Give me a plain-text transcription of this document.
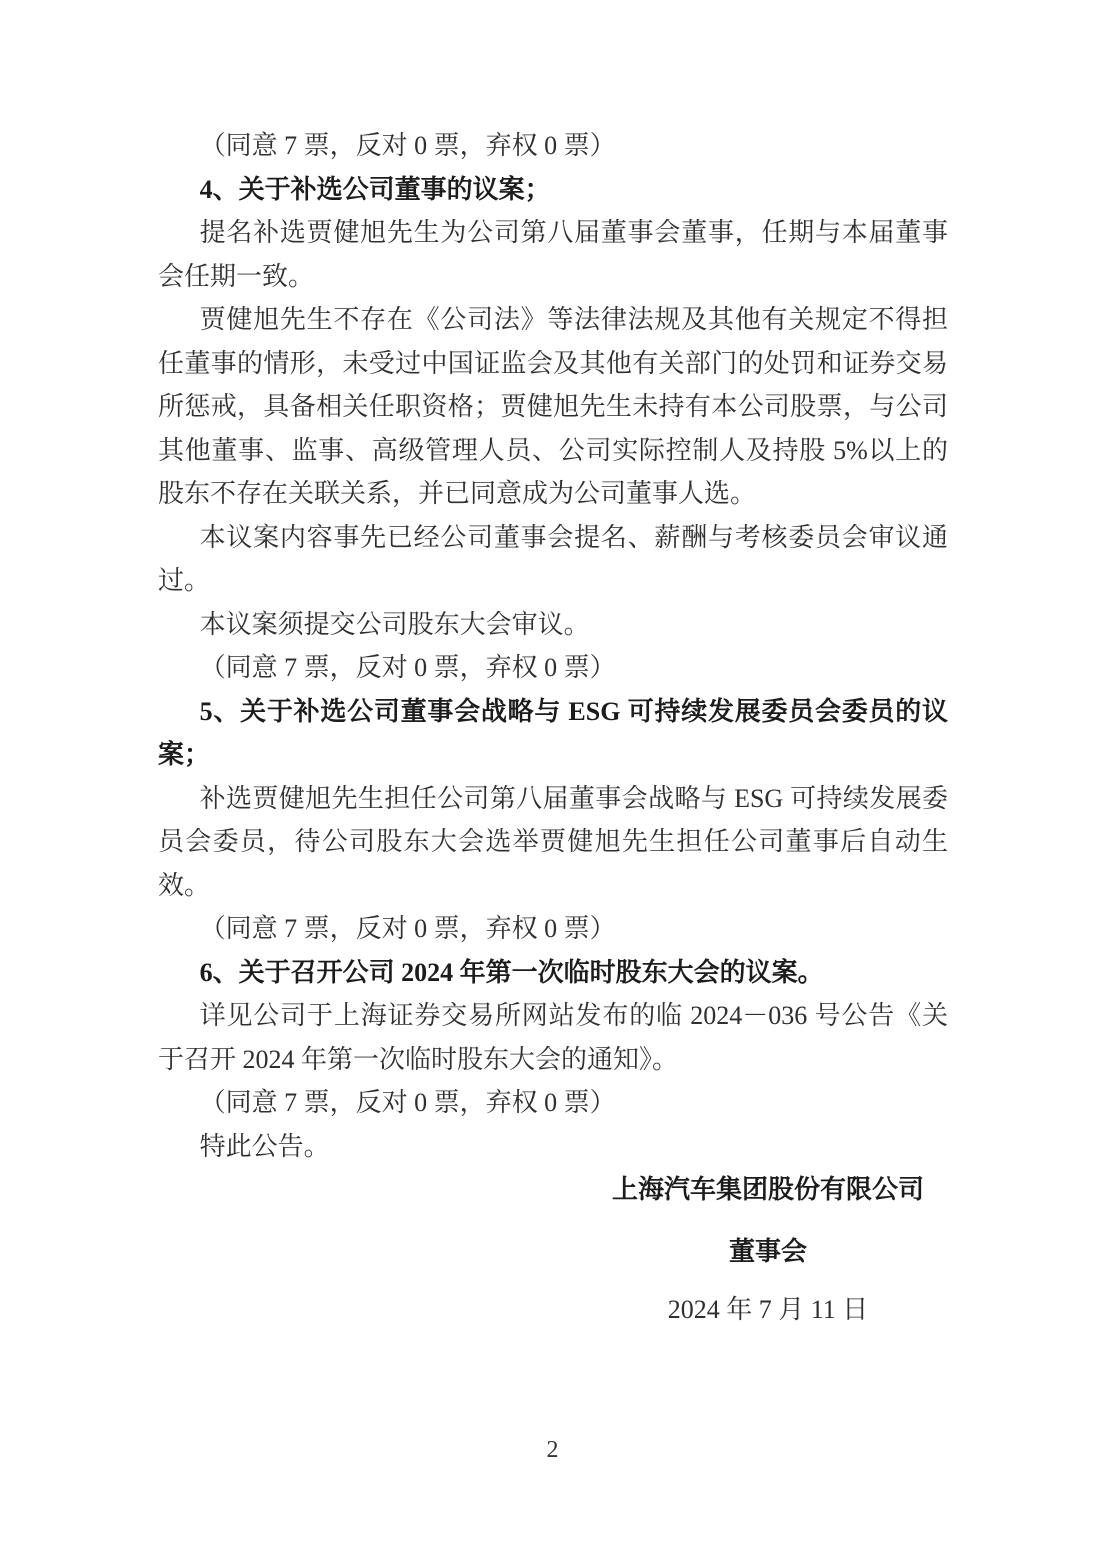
（同意 7 票，反对 0 票，弃权 0 票）

4、关于补选公司董事的议案；

提名补选贾健旭先生为公司第八届董事会董事，任期与本届董事会任期一致。

贾健旭先生不存在《公司法》等法律法规及其他有关规定不得担任董事的情形，未受过中国证监会及其他有关部门的处罚和证券交易所惩戒，具备相关任职资格；贾健旭先生未持有本公司股票，与公司其他董事、监事、高级管理人员、公司实际控制人及持股 5%以上的股东不存在关联关系，并已同意成为公司董事人选。

本议案内容事先已经公司董事会提名、薪酬与考核委员会审议通过。

本议案须提交公司股东大会审议。

（同意 7 票，反对 0 票，弃权 0 票）

5、关于补选公司董事会战略与 ESG 可持续发展委员会委员的议案；

补选贾健旭先生担任公司第八届董事会战略与 ESG 可持续发展委员会委员，待公司股东大会选举贾健旭先生担任公司董事后自动生效。

（同意 7 票，反对 0 票，弃权 0 票）

6、关于召开公司 2024 年第一次临时股东大会的议案。

详见公司于上海证券交易所网站发布的临 2024－036 号公告《关于召开 2024 年第一次临时股东大会的通知》。

（同意 7 票，反对 0 票，弃权 0 票）

特此公告。

上海汽车集团股份有限公司

董事会

2024 年 7 月 11 日

2
